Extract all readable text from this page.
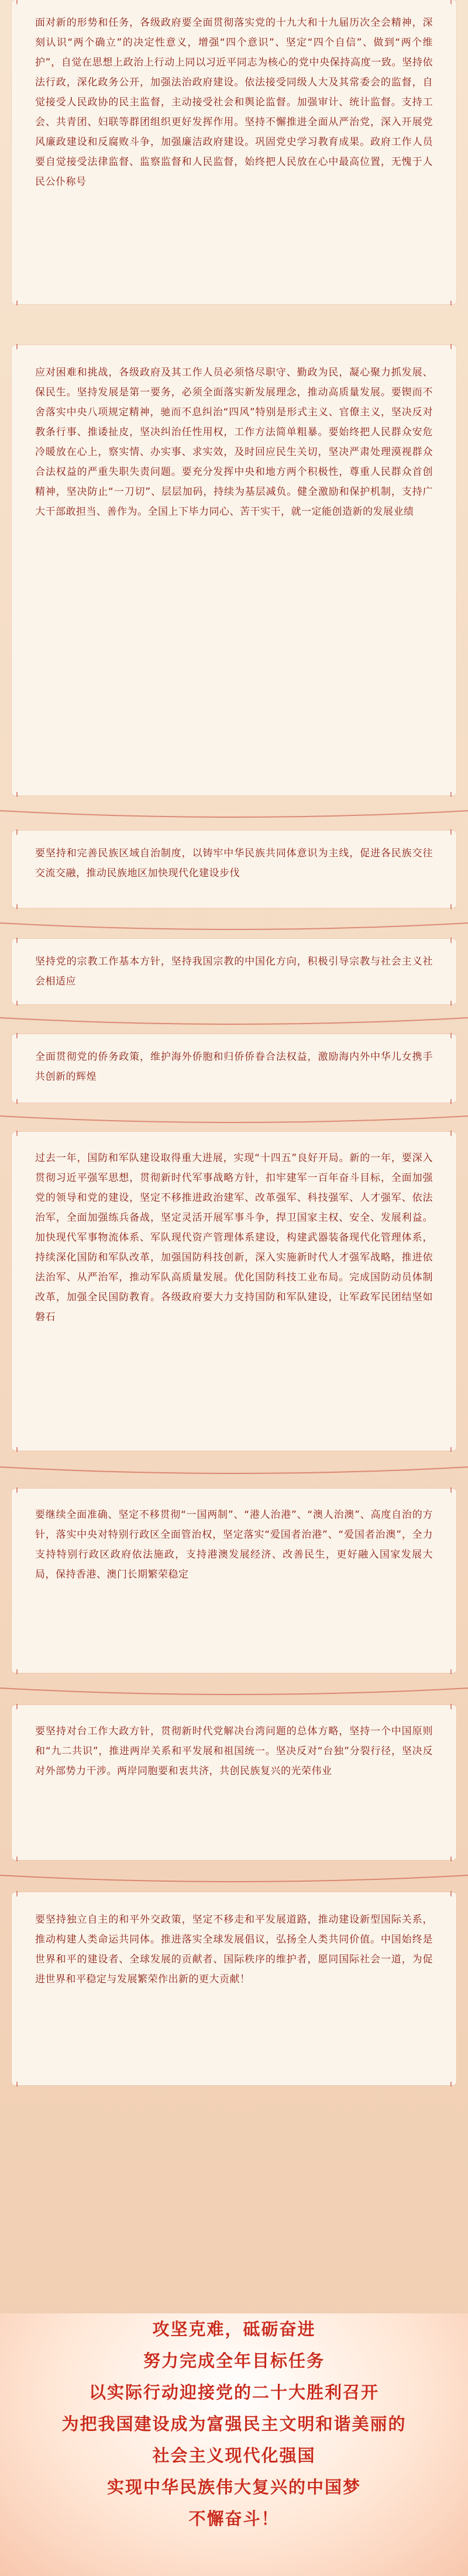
面对新的形势和任务，各级政府要全面贯彻落实党的十九大和十九届历次全会精神，深刻认识“两个确立”的决定性意义，增强“四个意识”、坚定“四个自信”、做到“两个维护”，自觉在思想上政治上行动上同以习近平同志为核心的党中央保持高度一致。坚持依法行政，深化政务公开，加强法治政府建设。依法接受同级人大及其常委会的监督，自觉接受人民政协的民主监督，主动接受社会和舆论监督。加强审计、统计监督。支持工会、共青团、妇联等群团组织更好发挥作用。坚持不懈推进全面从严治党，深入开展党风廉政建设和反腐败斗争，加强廉洁政府建设。巩固党史学习教育成果。政府工作人员要自觉接受法律监督、监察监督和人民监督，始终把人民放在心中最高位置，无愧于人民公仆称号

应对困难和挑战，各级政府及其工作人员必须恪尽职守、勤政为民，凝心聚力抓发展、保民生。坚持发展是第一要务，必须全面落实新发展理念，推动高质量发展。要锲而不舍落实中央八项规定精神，驰而不息纠治“四风”特别是形式主义、官僚主义，坚决反对教条行事、推诿扯皮，坚决纠治任性用权，工作方法简单粗暴。要始终把人民群众安危冷暖放在心上，察实情、办实事、求实效，及时回应民生关切，坚决严肃处理漠视群众合法权益的严重失职失责问题。要充分发挥中央和地方两个积极性，尊重人民群众首创精神，坚决防止“一刀切”、层层加码，持续为基层减负。健全激励和保护机制，支持广大干部敢担当、善作为。全国上下毕力同心、苦干实干，就一定能创造新的发展业绩

要坚持和完善民族区域自治制度，以铸牢中华民族共同体意识为主线，促进各民族交往交流交融，推动民族地区加快现代化建设步伐

坚持党的宗教工作基本方针，坚持我国宗教的中国化方向，积极引导宗教与社会主义社会相适应

全面贯彻党的侨务政策，维护海外侨胞和归侨侨眷合法权益，激励海内外中华儿女携手共创新的辉煌

过去一年，国防和军队建设取得重大进展，实现“十四五”良好开局。新的一年，要深入贯彻习近平强军思想，贯彻新时代军事战略方针，扣牢建军一百年奋斗目标，全面加强党的领导和党的建设，坚定不移推进政治建军、改革强军、科技强军、人才强军、依法治军，全面加强练兵备战，坚定灵活开展军事斗争，捍卫国家主权、安全、发展利益。加快现代军事物流体系、军队现代资产管理体系建设，构建武器装备现代化管理体系，持续深化国防和军队改革，加强国防科技创新，深入实施新时代人才强军战略，推进依法治军、从严治军，推动军队高质量发展。优化国防科技工业布局。完成国防动员体制改革，加强全民国防教育。各级政府要大力支持国防和军队建设，让军政军民团结坚如磐石

要继续全面准确、坚定不移贯彻“一国两制”、“港人治港”、“澳人治澳”、高度自治的方针，落实中央对特别行政区全面管治权，坚定落实“爱国者治港”、“爱国者治澳”，全力支持特别行政区政府依法施政，支持港澳发展经济、改善民生，更好融入国家发展大局，保持香港、澳门长期繁荣稳定

要坚持对台工作大政方针，贯彻新时代党解决台湾问题的总体方略，坚持一个中国原则和“九二共识”，推进两岸关系和平发展和祖国统一。坚决反对“台独”分裂行径，坚决反对外部势力干涉。两岸同胞要和衷共济，共创民族复兴的光荣伟业

要坚持独立自主的和平外交政策，坚定不移走和平发展道路，推动建设新型国际关系，推动构建人类命运共同体。推进落实全球发展倡议，弘扬全人类共同价值。中国始终是世界和平的建设者、全球发展的贡献者、国际秩序的维护者，愿同国际社会一道，为促进世界和平稳定与发展繁荣作出新的更大贡献！

攻坚克难，砥砺奋进
努力完成全年目标任务
以实际行动迎接党的二十大胜利召开
为把我国建设成为富强民主文明和谐美丽的
社会主义现代化强国
实现中华民族伟大复兴的中国梦
不懈奋斗！
